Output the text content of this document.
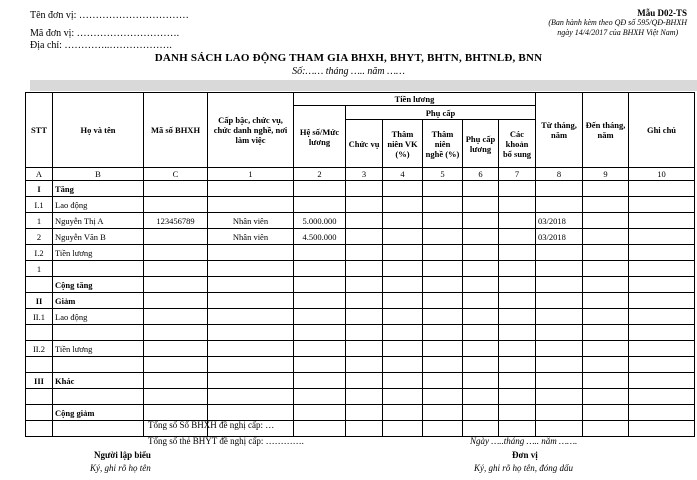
Tên đơn vị: ……………………………
Mã đơn vị: ………………………….
Địa chỉ: …………..……………….
Mẫu D02-TS
(Ban hành kèm theo QĐ số 595/QĐ-BHXH
ngày 14/4/2017 của BHXH Việt Nam)
DANH SÁCH LAO ĐỘNG THAM GIA BHXH, BHYT, BHTN, BHTNLĐ, BNN
Số:…… tháng ….. năm ……
STT	Họ và tên	Mã số BHXH	Cấp bậc, chức vụ, chức danh nghề, nơi làm việc	Tiền lương						Từ tháng, năm	Đến tháng, năm	Ghi chú
				Hệ số/Mức lương	Phụ cấp							
					Chức vụ	Thâm niên VK (%)	Thâm niên nghề (%)	Phụ cấp lương	Các khoản bổ sung			
A	B	C	1	2	3	4	5	6	7	8	9	10
I	Tăng											
I.1	Lao động											
1	Nguyễn Thị A	123456789	Nhân viên	5.000.000						03/2018		
2	Nguyễn Văn B		Nhân viên	4.500.000						03/2018		
I.2	Tiền lương											
1												
	Cộng tăng											
II	Giảm											
II.1	Lao động											

II.2	Tiền lương											

III	Khác											

	Cộng giảm											

Tổng số Sổ BHXH đề nghị cấp: …
Tổng số thẻ BHYT đề nghị cấp: ………….	Ngày …..tháng ….. năm …….
Người lập biểu
Ký, ghi rõ họ tên
Đơn vị
Ký, ghi rõ họ tên, đóng dấu
